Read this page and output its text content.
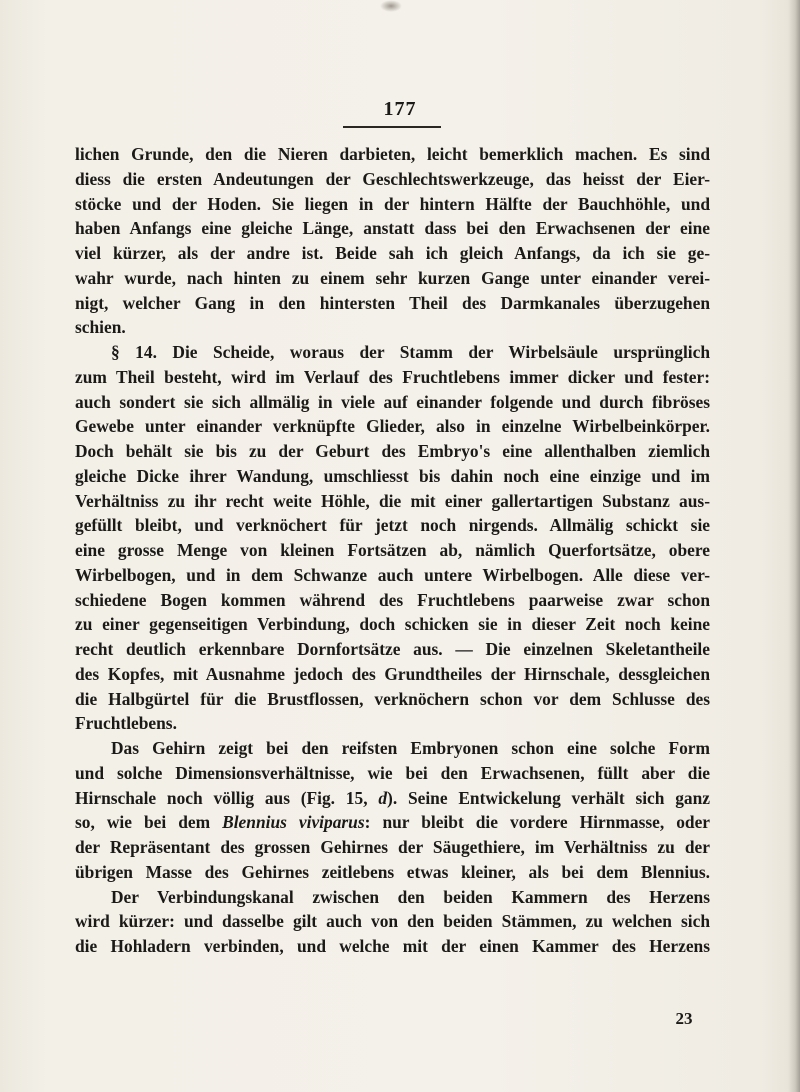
177

lichen Grunde, den die Nieren darbieten, leicht bemerklich machen. Es sind
diess die ersten Andeutungen der Geschlechtswerkzeuge, das heisst der Eier-
stöcke und der Hoden. Sie liegen in der hintern Hälfte der Bauchhöhle, und
haben Anfangs eine gleiche Länge, anstatt dass bei den Erwachsenen der eine
viel kürzer, als der andre ist. Beide sah ich gleich Anfangs, da ich sie ge-
wahr wurde, nach hinten zu einem sehr kurzen Gange unter einander verei-
nigt, welcher Gang in den hintersten Theil des Darmkanales überzugehen
schien.
§ 14. Die Scheide, woraus der Stamm der Wirbelsäule ursprünglich
zum Theil besteht, wird im Verlauf des Fruchtlebens immer dicker und fester:
auch sondert sie sich allmälig in viele auf einander folgende und durch fibröses
Gewebe unter einander verknüpfte Glieder, also in einzelne Wirbelbeinkörper.
Doch behält sie bis zu der Geburt des Embryo's eine allenthalben ziemlich
gleiche Dicke ihrer Wandung, umschliesst bis dahin noch eine einzige und im
Verhältniss zu ihr recht weite Höhle, die mit einer gallertartigen Substanz aus-
gefüllt bleibt, und verknöchert für jetzt noch nirgends. Allmälig schickt sie
eine grosse Menge von kleinen Fortsätzen ab, nämlich Querfortsätze, obere
Wirbelbogen, und in dem Schwanze auch untere Wirbelbogen. Alle diese ver-
schiedene Bogen kommen während des Fruchtlebens paarweise zwar schon
zu einer gegenseitigen Verbindung, doch schicken sie in dieser Zeit noch keine
recht deutlich erkennbare Dornfortsätze aus. — Die einzelnen Skeletantheile
des Kopfes, mit Ausnahme jedoch des Grundtheiles der Hirnschale, dessgleichen
die Halbgürtel für die Brustflossen, verknöchern schon vor dem Schlusse des
Fruchtlebens.
Das Gehirn zeigt bei den reifsten Embryonen schon eine solche Form
und solche Dimensionsverhältnisse, wie bei den Erwachsenen, füllt aber die
Hirnschale noch völlig aus (Fig. 15, d). Seine Entwickelung verhält sich ganz
so, wie bei dem Blennius viviparus: nur bleibt die vordere Hirnmasse, oder
der Repräsentant des grossen Gehirnes der Säugethiere, im Verhältniss zu der
übrigen Masse des Gehirnes zeitlebens etwas kleiner, als bei dem Blennius.
Der Verbindungskanal zwischen den beiden Kammern des Herzens
wird kürzer: und dasselbe gilt auch von den beiden Stämmen, zu welchen sich
die Hohladern verbinden, und welche mit der einen Kammer des Herzens

23
